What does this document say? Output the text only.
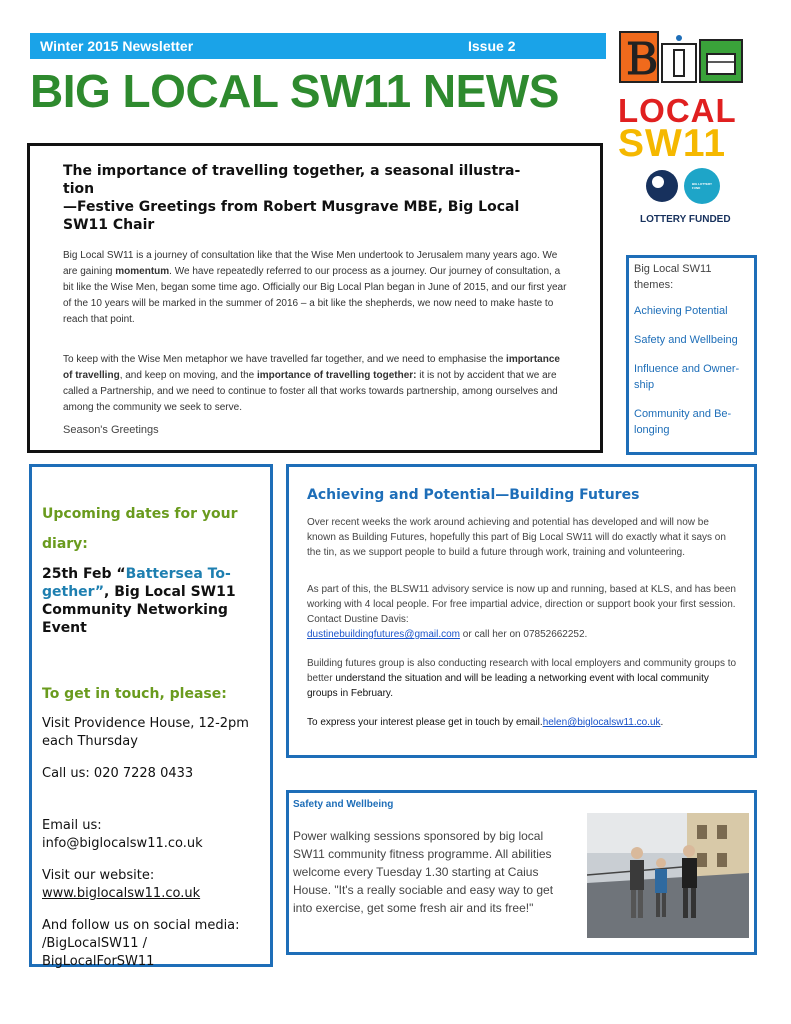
Winter 2015 Newsletter	Issue 2
BIG LOCAL SW11 NEWS
B
LOCAL
SW11
BIG LOTTERY FUND
LOTTERY FUNDED
The importance of travelling together, a seasonal illustra-
tion
—Festive Greetings from Robert Musgrave MBE, Big Local
SW11 Chair

Big Local SW11 is a journey of consultation like that the Wise Men undertook to Jerusalem many years ago. We are gaining momentum. We have repeatedly referred to our process as a journey. Our journey of consultation, a bit like the Wise Men, began some time ago. Officially our Big Local Plan began in June of 2015, and our first year of the 10 years will be marked in the summer of 2016 – a bit like the shepherds, we now need to make haste to reach that point.

To keep with the Wise Men metaphor we have travelled far together, and we need to emphasise the importance of travelling, and keep on moving, and the importance of travelling together: it is not by accident that we are called a Partnership, and we need to continue to foster all that works towards partnership, among ourselves and among the community we seek to serve.

Season's Greetings
Big Local SW11 themes:
Achieving Potential
Safety and Wellbeing
Influence and Owner-ship
Community and Be-longing
Upcoming dates for your diary:
25th Feb “Battersea To-gether”, Big Local SW11 Community Networking Event
To get in touch, please:
Visit Providence House, 12-2pm each Thursday
Call us: 020 7228 0433
Email us:
info@biglocalsw11.co.uk
Visit our website:
www.biglocalsw11.co.uk
And follow us on social media: /BigLocalSW11 / BigLocalForSW11
Achieving and Potential—Building Futures

Over recent weeks the work around achieving and potential has developed and will now be known as Building Futures, hopefully this part of Big Local SW11 will do exactly what it says on the tin, as we support people to build a future through work, training and volunteering.

As part of this, the BLSW11 advisory service is now up and running, based at KLS, and has been working with 4 local people. For free impartial advice, direction or support book your first session. Contact Dustine Davis:
dustinebuildingfutures@gmail.com or call her on 07852662252.

Building futures group is also conducting research with local employers and community groups to better understand the situation and will be leading a networking event with local community groups in February.

To express your interest please get in touch by email.helen@biglocalsw11.co.uk.

Safety and Wellbeing
Power walking sessions sponsored by big local SW11 community fitness programme. All abilities welcome every Tuesday 1.30 starting at Caius House. "It's a really sociable and easy way to get into exercise, get some fresh air and its free!"
